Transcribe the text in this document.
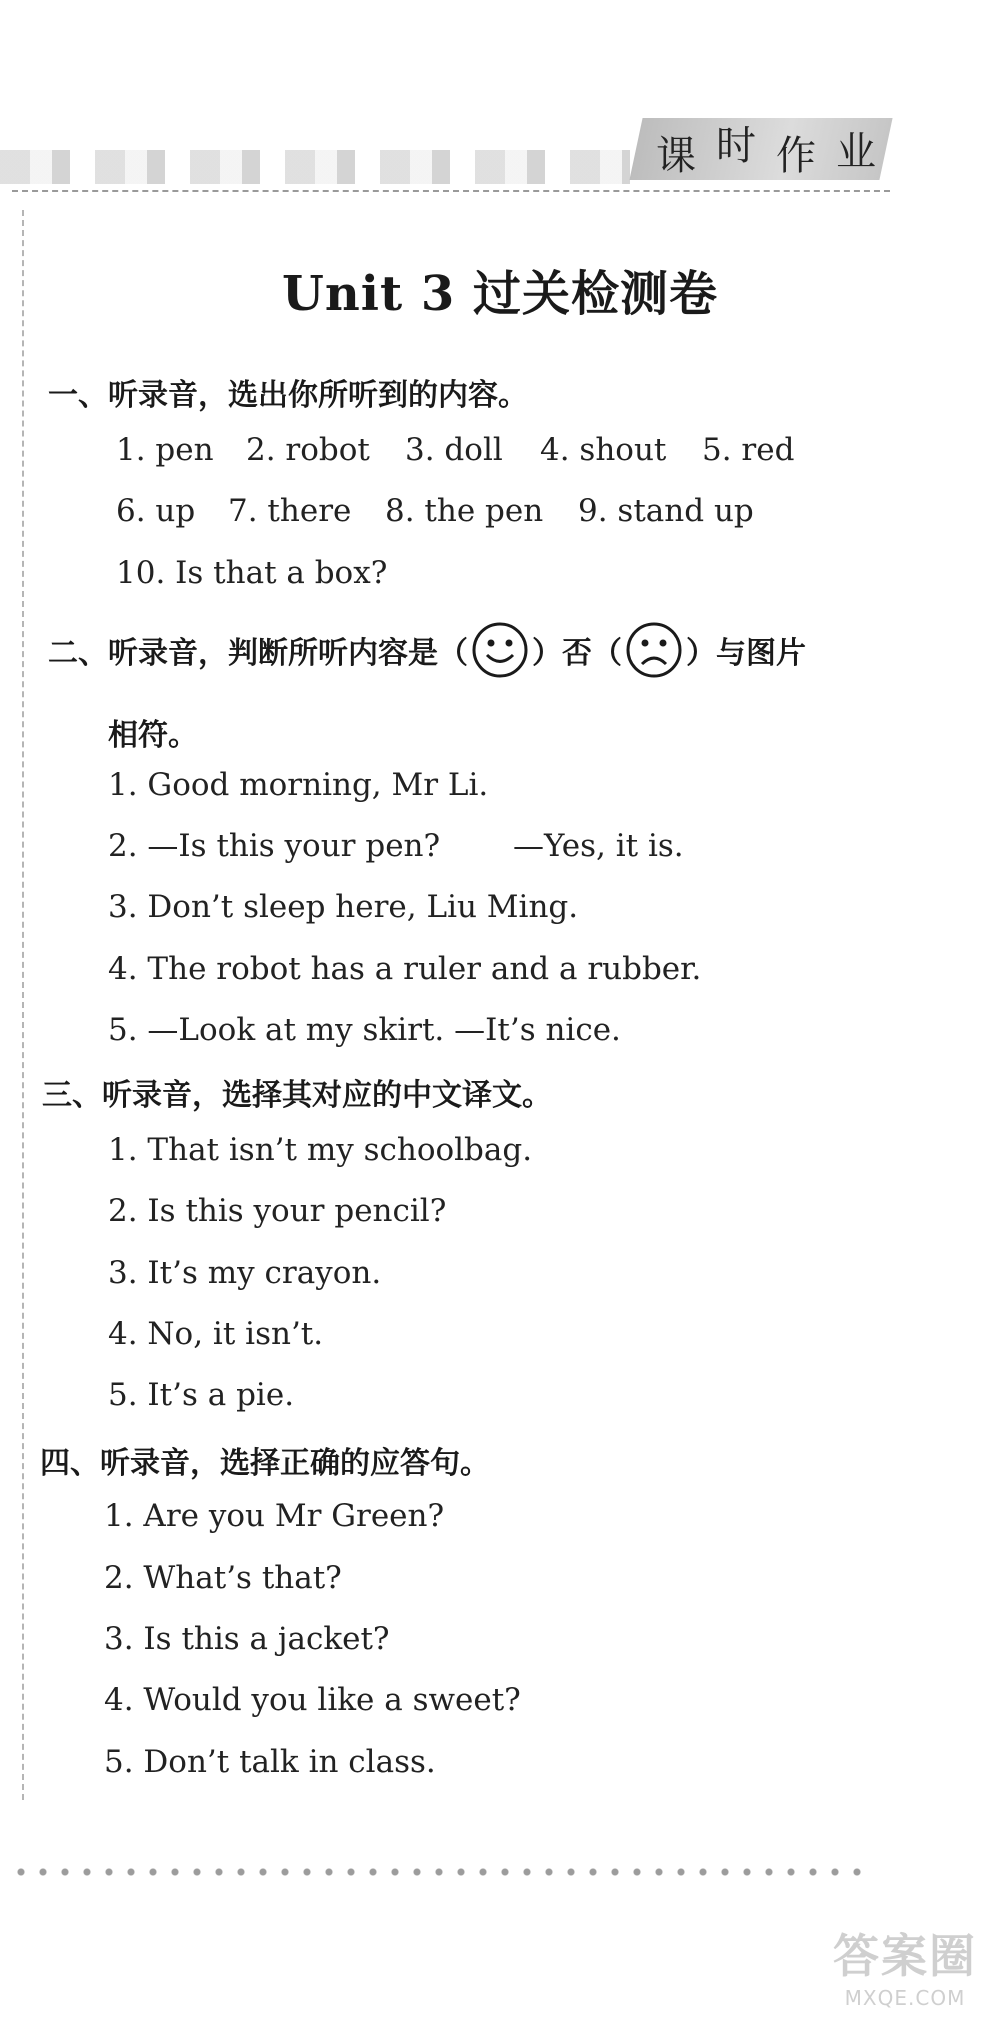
课 时 作 业
Unit 3 过关检测卷
一、听录音，选出你所听到的内容。
1. pen 2. robot 3. doll 4. shout 5. red
6. up 7. there 8. the pen 9. stand up
10. Is that a box?
二、听录音，判断所听内容是（ ）否（ ）与图片
相符。
1. Good morning, Mr Li.
2. —Is this your pen? —Yes, it is.
3. Don’t sleep here, Liu Ming.
4. The robot has a ruler and a rubber.
5. —Look at my skirt. —It’s nice.
三、听录音，选择其对应的中文译文。
1. That isn’t my schoolbag.
2. Is this your pencil?
3. It’s my crayon.
4. No, it isn’t.
5. It’s a pie.
四、听录音，选择正确的应答句。
1. Are you Mr Green?
2. What’s that?
3. Is this a jacket?
4. Would you like a sweet?
5. Don’t talk in class.
答案圈
MXQE.COM
